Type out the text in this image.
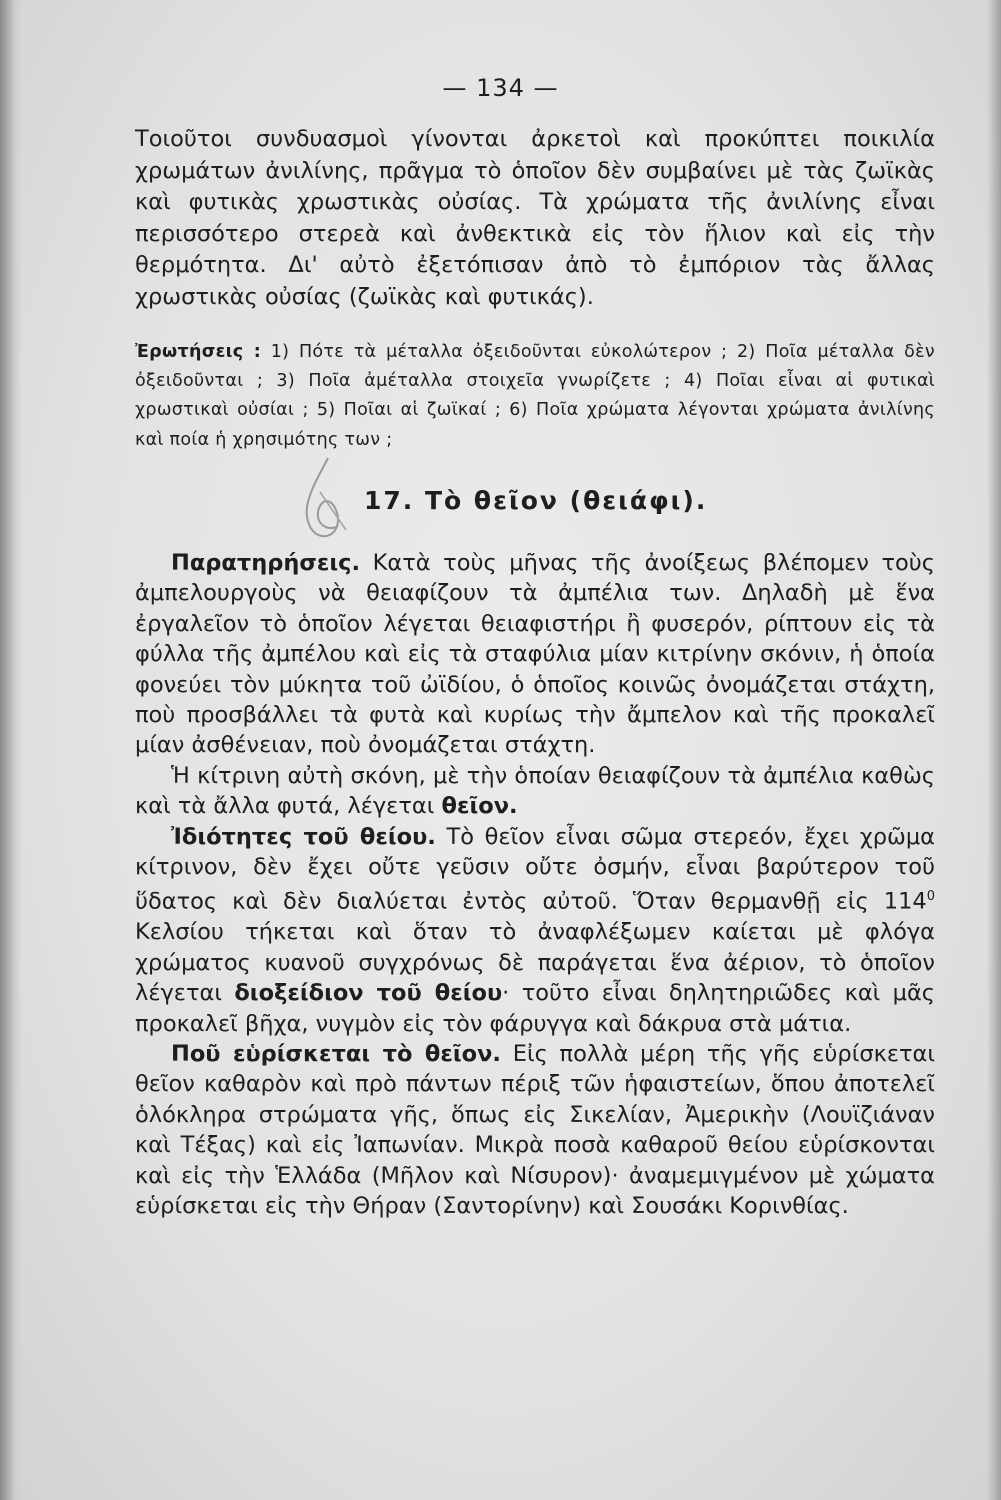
— 134 —

Τοιοῦτοι συνδυασμοὶ γίνονται ἀρκετοὶ καὶ προκύπτει ποικιλία χρωμάτων ἀνιλίνης, πρᾶγμα τὸ ὁποῖον δὲν συμβαίνει μὲ τὰς ζωϊκὰς καὶ φυτικὰς χρωστικὰς οὐσίας. Τὰ χρώματα τῆς ἀνιλίνης εἶναι περισσότερο στερεὰ καὶ ἀνθεκτικὰ εἰς τὸν ἥλιον καὶ εἰς τὴν θερμότητα. Δι' αὐτὸ ἐξετόπισαν ἀπὸ τὸ ἐμπόριον τὰς ἄλλας χρωστικὰς οὐσίας (ζωϊκὰς καὶ φυτικάς).

Ἐρωτήσεις : 1) Πότε τὰ μέταλλα ὀξειδοῦνται εὐκολώτερον ; 2) Ποῖα μέταλλα δὲν ὀξειδοῦνται ; 3) Ποῖα ἀμέταλλα στοιχεῖα γνωρίζετε ; 4) Ποῖαι εἶναι αἱ φυτικαὶ χρωστικαὶ οὐσίαι ; 5) Ποῖαι αἱ ζωϊκαί ; 6) Ποῖα χρώματα λέγονται χρώματα ἀνιλίνης καὶ ποία ἡ χρησιμότης των ;

17. Τὸ θεῖον (θειάφι).

Παρατηρήσεις. Κατὰ τοὺς μῆνας τῆς ἀνοίξεως βλέπομεν τοὺς ἀμπελουργοὺς νὰ θειαφίζουν τὰ ἀμπέλια των. Δηλαδὴ μὲ ἕνα ἐργαλεῖον τὸ ὁποῖον λέγεται θειαφιστήρι ἢ φυσερόν, ρίπτουν εἰς τὰ φύλλα τῆς ἀμπέλου καὶ εἰς τὰ σταφύλια μίαν κιτρίνην σκόνιν, ἡ ὁποία φονεύει τὸν μύκητα τοῦ ὠϊδίου, ὁ ὁποῖος κοινῶς ὀνομάζεται στάχτη, ποὺ προσβάλλει τὰ φυτὰ καὶ κυρίως τὴν ἄμπελον καὶ τῆς προκαλεῖ μίαν ἀσθένειαν, ποὺ ὀνομάζεται στάχτη.

Ἡ κίτρινη αὐτὴ σκόνη, μὲ τὴν ὁποίαν θειαφίζουν τὰ ἀμπέλια καθὼς καὶ τὰ ἄλλα φυτά, λέγεται θεῖον.

Ἰδιότητες τοῦ θείου. Τὸ θεῖον εἶναι σῶμα στερεόν, ἔχει χρῶμα κίτρινον, δὲν ἔχει οὔτε γεῦσιν οὔτε ὀσμήν, εἶναι βαρύτερον τοῦ ὕδατος καὶ δὲν διαλύεται ἐντὸς αὐτοῦ. Ὅταν θερμανθῇ εἰς $114^0$ Κελσίου τήκεται καὶ ὅταν τὸ ἀναφλέξωμεν καίεται μὲ φλόγα χρώματος κυανοῦ συγχρόνως δὲ παράγεται ἕνα ἀέριον, τὸ ὁποῖον λέγεται διοξείδιον τοῦ θείου· τοῦτο εἶναι δηλητηριῶδες καὶ μᾶς προκαλεῖ βῆχα, νυγμὸν εἰς τὸν φάρυγγα καὶ δάκρυα στὰ μάτια.

Ποῦ εὑρίσκεται τὸ θεῖον. Εἰς πολλὰ μέρη τῆς γῆς εὑρίσκεται θεῖον καθαρὸν καὶ πρὸ πάντων πέριξ τῶν ἡφαιστείων, ὅπου ἀποτελεῖ ὁλόκληρα στρώματα γῆς, ὅπως εἰς Σικελίαν, Ἀμερικὴν (Λουϊζιάναν καὶ Τέξας) καὶ εἰς Ἰαπωνίαν. Μικρὰ ποσὰ καθαροῦ θείου εὑρίσκονται καὶ εἰς τὴν Ἑλλάδα (Μῆλον καὶ Νίσυρον)· ἀναμεμιγμένον μὲ χώματα εὑρίσκεται εἰς τὴν Θήραν (Σαντορίνην) καὶ Σουσάκι Κορινθίας.
